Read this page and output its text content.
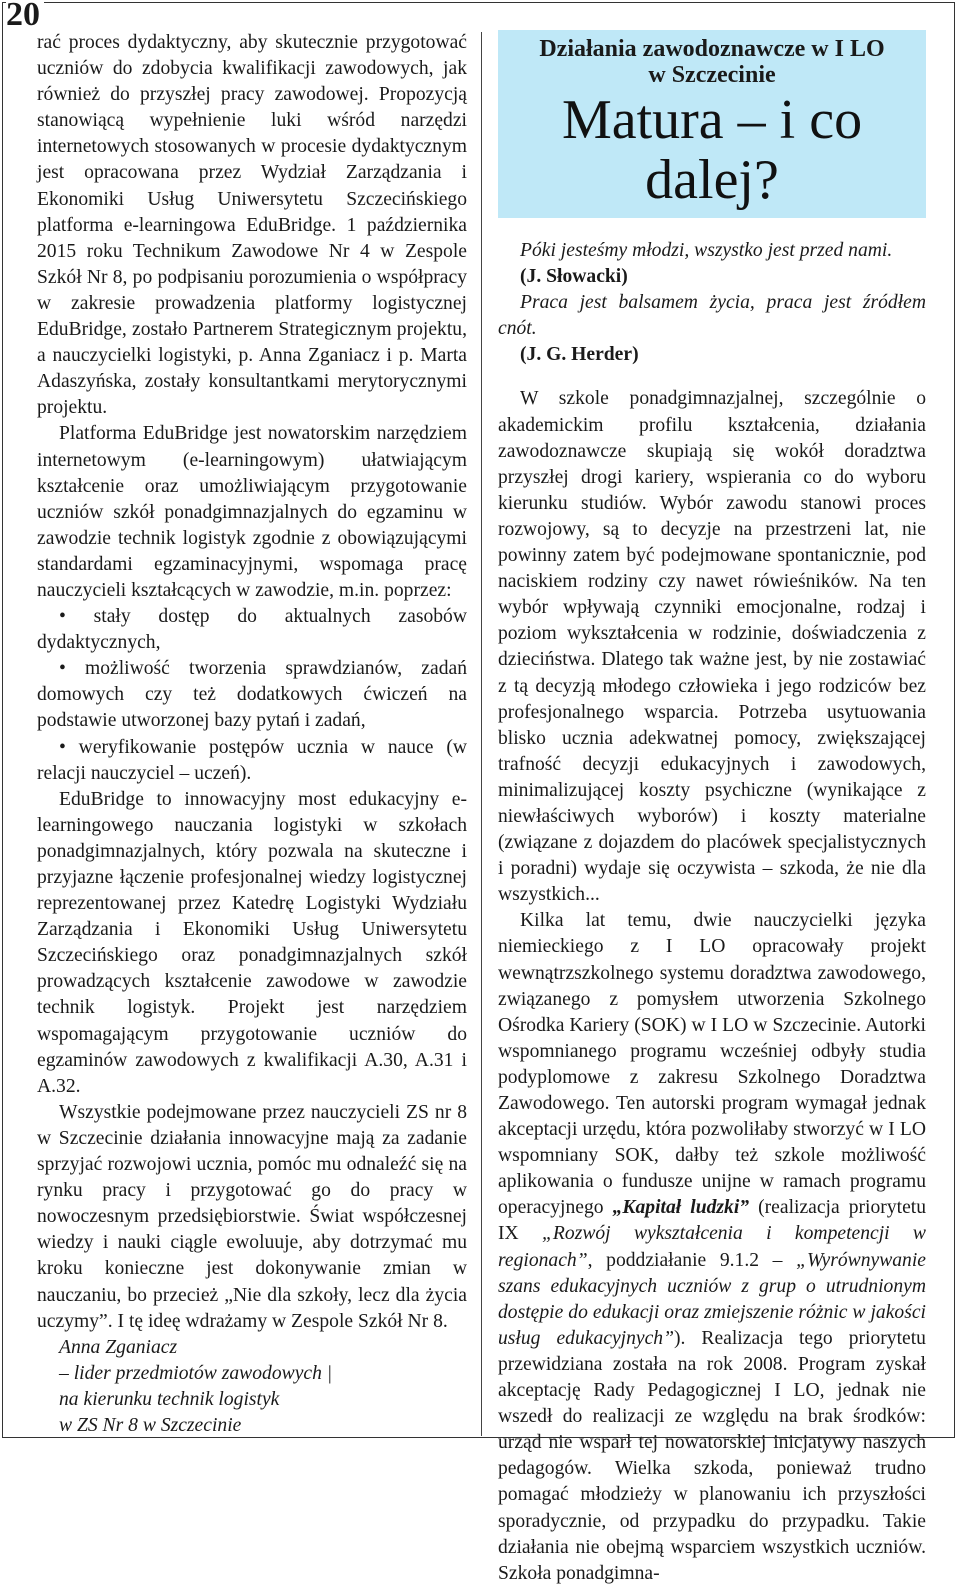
20

rać proces dydaktyczny, aby skutecznie przygotować uczniów do zdobycia kwalifikacji zawodowych, jak również do przyszłej pracy zawodowej. Propozycją stanowiącą wypełnienie luki wśród narzędzi internetowych stosowanych w procesie dydaktycznym jest opracowana przez Wydział Zarządzania i Ekonomiki Usług Uniwersytetu Szczecińskiego platforma e-learningowa EduBridge. 1 października 2015 roku Technikum Zawodowe Nr 4 w Zespole Szkół Nr 8, po podpisaniu porozumienia o współpracy w zakresie prowadzenia platformy logistycznej EduBridge, zostało Partnerem Strategicznym projektu, a nauczycielki logistyki, p. Anna Zganiacz i p. Marta Adaszyńska, zostały konsultantkami merytorycznymi projektu.

Platforma EduBridge jest nowatorskim narzędziem internetowym (e-learningowym) ułatwiającym kształcenie oraz umożliwiającym przygotowanie uczniów szkół ponadgimnazjalnych do egzaminu w zawodzie technik logistyk zgodnie z obowiązującymi standardami egzaminacyjnymi, wspomaga pracę nauczycieli kształcących w zawodzie, m.in. poprzez:

• stały dostęp do aktualnych zasobów dydaktycznych,

• możliwość tworzenia sprawdzianów, zadań domowych czy też dodatkowych ćwiczeń na podstawie utworzonej bazy pytań i zadań,

• weryfikowanie postępów ucznia w nauce (w relacji nauczyciel – uczeń).

EduBridge to innowacyjny most edukacyjny e-learningowego nauczania logistyki w szkołach ponadgimnazjalnych, który pozwala na skuteczne i przyjazne łączenie profesjonalnej wiedzy logistycznej reprezentowanej przez Katedrę Logistyki Wydziału Zarządzania i Ekonomiki Usług Uniwersytetu Szczecińskiego oraz ponadgimnazjalnych szkół prowadzących kształcenie zawodowe w zawodzie technik logistyk. Projekt jest narzędziem wspomagającym przygotowanie uczniów do egzaminów zawodowych z kwalifikacji A.30, A.31 i A.32.

Wszystkie podejmowane przez nauczycieli ZS nr 8 w Szczecinie działania innowacyjne mają za zadanie sprzyjać rozwojowi ucznia, pomóc mu odnaleźć się na rynku pracy i przygotować go do pracy w nowoczesnym przedsiębiorstwie. Świat współczesnej wiedzy i nauki ciągle ewoluuje, aby dotrzymać mu kroku konieczne jest dokonywanie zmian w nauczaniu, bo przecież „Nie dla szkoły, lecz dla życia uczymy”. I tę ideę wdrażamy w Zespole Szkół Nr 8.

Anna Zganiacz

– lider przedmiotów zawodowych |

na kierunku technik logistyk

w ZS Nr 8 w Szczecinie

Działania zawodoznawcze w I LO
w Szczecinie
Matura – i co dalej?

Póki jesteśmy młodzi, wszystko jest przed nami.

(J. Słowacki)

Praca jest balsamem życia, praca jest źródłem cnót.

(J. G. Herder)

W szkole ponadgimnazjalnej, szczególnie o akademickim profilu kształcenia, działania zawodoznawcze skupiają się wokół doradztwa przyszłej drogi kariery, wspierania co do wyboru kierunku studiów. Wybór zawodu stanowi proces rozwojowy, są to decyzje na przestrzeni lat, nie powinny zatem być podejmowane spontanicznie, pod naciskiem rodziny czy nawet rówieśników. Na ten wybór wpływają czynniki emocjonalne, rodzaj i poziom wykształcenia w rodzinie, doświadczenia z dzieciństwa. Dlatego tak ważne jest, by nie zostawiać z tą decyzją młodego człowieka i jego rodziców bez profesjonalnego wsparcia. Potrzeba usytuowania blisko ucznia adekwatnej pomocy, zwiększającej trafność decyzji edukacyjnych i zawodowych, minimalizującej koszty psychiczne (wynikające z niewłaściwych wyborów) i koszty materialne (związane z dojazdem do placówek specjalistycznych i poradni) wydaje się oczywista – szkoda, że nie dla wszystkich...

Kilka lat temu, dwie nauczycielki języka niemieckiego z I LO opracowały projekt wewnątrzszkolnego systemu doradztwa zawodowego, związanego z pomysłem utworzenia Szkolnego Ośrodka Kariery (SOK) w I LO w Szczecinie. Autorki wspomnianego programu wcześniej odbyły studia podyplomowe z zakresu Szkolnego Doradztwa Zawodowego. Ten autorski program wymagał jednak akceptacji urzędu, która pozwoliłaby stworzyć w I LO wspomniany SOK, dałby też szkole możliwość aplikowania o fundusze unijne w ramach programu operacyjnego „Kapitał ludzki” (realizacja priorytetu IX „Rozwój wykształcenia i kompetencji w regionach”, poddziałanie 9.1.2 – „Wyrównywanie szans edukacyjnych uczniów z grup o utrudnionym dostępie do edukacji oraz zmiejszenie różnic w jakości usług edukacyjnych”). Realizacja tego priorytetu przewidziana została na rok 2008. Program zyskał akceptację Rady Pedagogicznej I LO, jednak nie wszedł do realizacji ze względu na brak środków: urząd nie wsparł tej nowatorskiej inicjatywy naszych pedagogów. Wielka szkoda, ponieważ trudno pomagać młodzieży w planowaniu ich przyszłości sporadycznie, od przypadku do przypadku. Takie działania nie obejmą wsparciem wszystkich uczniów. Szkoła ponadgimna-
